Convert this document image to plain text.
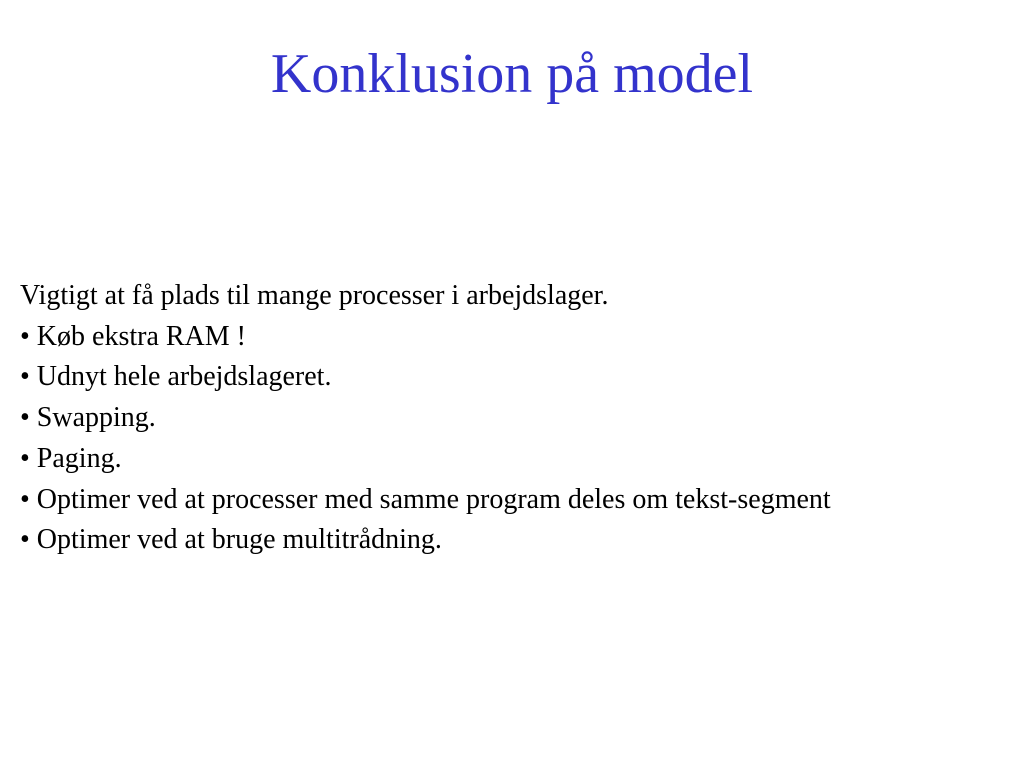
Konklusion på model
Vigtigt at få plads til mange processer i arbejdslager.
• Køb ekstra RAM !
• Udnyt hele arbejdslageret.
• Swapping.
• Paging.
• Optimer ved at processer med samme program deles om tekst-segment
• Optimer ved at bruge multitrådning.
